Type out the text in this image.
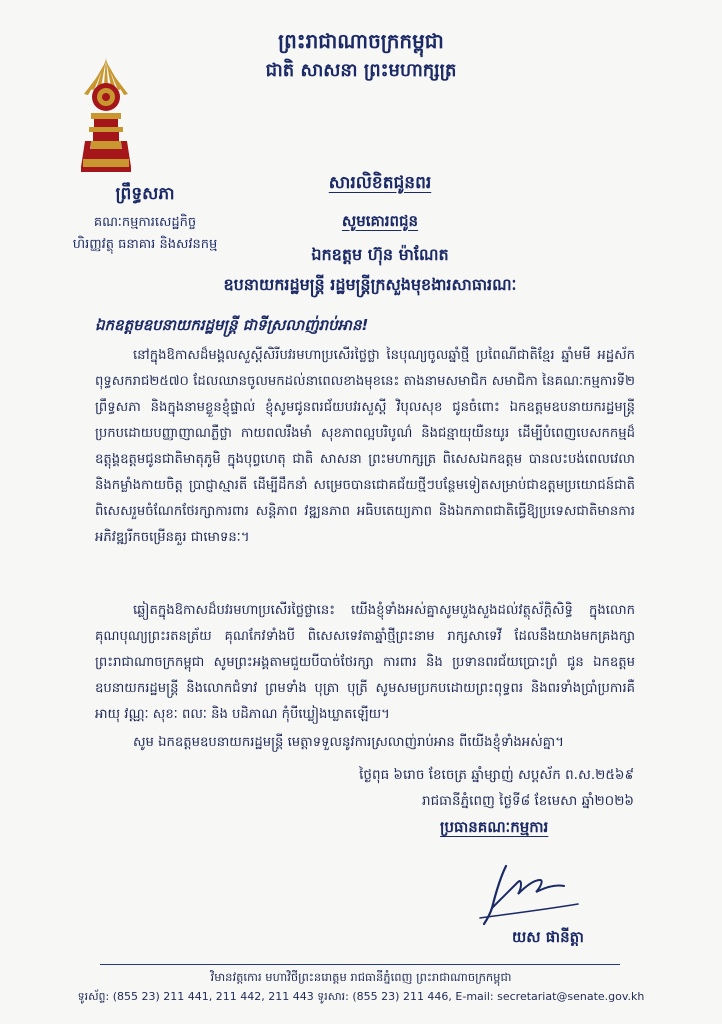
ព្រះរាជាណាចក្រកម្ពុជា
ជាតិ សាសនា ព្រះមហាក្សត្រ
ព្រឹទ្ធសភា
គណៈកម្មការសេដ្ឋកិច្ច
ហិរញ្ញវត្ថុ ធនាគារ និងសវនកម្ម
សារលិខិតជូនពរ
សូមគោរពជូន
ឯកឧត្តម ហ៊ុន ម៉ាណែត
ឧបនាយករដ្ឋមន្ត្រី រដ្ឋមន្ត្រីក្រសួងមុខងារសាធារណៈ
ឯកឧត្តមឧបនាយករដ្ឋមន្ត្រី ជាទីស្រលាញ់រាប់អាន!
នៅក្នុងឱកាសដ៏មង្គលសួស្តីសិរីបវរមហាប្រសើរថ្លៃថ្លា នៃបុណ្យចូលឆ្នាំថ្មី ប្រពៃណីជាតិខ្មែរ ឆ្នាំមមី អដ្ឋស័ក ពុទ្ធសករាជ២៥៧០ ដែលឈានចូលមកដល់នាពេលខាងមុខនេះ តាងនាមសមាជិក សមាជិកា នៃគណៈកម្មការទី២ ព្រឹទ្ធសភា និងក្នុងនាមខ្លួនខ្ញុំផ្ទាល់ ខ្ញុំសូមជូនពរជ័យបវរសួស្តី វិបុលសុខ ជូនចំពោះ ឯកឧត្តមឧបនាយករដ្ឋមន្ត្រី ប្រកបដោយបញ្ញាញាណភ្លឺថ្លា កាយពលរឹងមាំ សុខភាពល្អបរិបូណ៌ និងជន្មាយុយឺនយូរ ដើម្បីបំពេញបេសកកម្មដ៏ឧត្តុង្គឧត្តមជូនជាតិមាតុភូមិ ក្នុងបុព្វហេតុ ជាតិ សាសនា ព្រះមហាក្សត្រ ពិសេសឯកឧត្តម បានលះបង់ពេលវេលា និងកម្លាំងកាយចិត្ត ប្រាជ្ញាស្មារតី ដើម្បីដឹកនាំ សម្រេចបានជោគជ័យថ្មីៗបន្ថែមទៀតសម្រាប់ជាឧត្តមប្រយោជន៍ជាតិ ពិសេសរួមចំណែកថែរក្សាការពារ សន្តិភាព វឌ្ឍនភាព អធិបតេយ្យភាព និងឯកភាពជាតិធ្វើឱ្យប្រទេសជាតិមានការអភិវឌ្ឍរីកចម្រើនគួរ ជាមោទនៈ។
ឆ្លៀតក្នុងឱកាសដ៏បវរមហាប្រសើរថ្លៃថ្លានេះ យើងខ្ញុំទាំងអស់គ្នាសូមបួងសួងដល់វត្ថុស័ក្តិសិទ្ធិ ក្នុងលោក គុណបុណ្យព្រះរតនត្រ័យ គុណកែវទាំងបី ពិសេសទេវតាឆ្នាំថ្មីព្រះនាម រាក្សសាទេវី ដែលនឹងយាងមកគ្រងក្សាព្រះរាជាណាចក្រកម្ពុជា សូមព្រះអង្គតាមជួយបីបាច់ថែរក្សា ការពារ និង ប្រទានពរជ័យប្រោះព្រំ ជូន ឯកឧត្តមឧបនាយករដ្ឋមន្ត្រី និងលោកជំទាវ ព្រមទាំង បុត្រា បុត្រី សូមសមប្រកបដោយព្រះពុទ្ធពរ និងពរទាំងប្រាំប្រការគឺ អាយុ វណ្ណៈ សុខៈ ពលៈ និង បដិភាណ កុំបីឃ្លៀងឃ្លាតឡើយ។
សូម ឯកឧត្តមឧបនាយករដ្ឋមន្ត្រី មេត្តាទទួលនូវការស្រលាញ់រាប់អាន ពីយើងខ្ញុំទាំងអស់គ្នា។
ថ្ងៃពុធ ៦រោច ខែចេត្រ ឆ្នាំម្សាញ់ សប្តស័ក ព.ស.២៥៦៩
រាជធានីភ្នំពេញ ថ្ងៃទី៨ ខែមេសា ឆ្នាំ២០២៦
ប្រធានគណៈកម្មការ
យស ផានីត្តា
វិមានវត្តកោរ មហាវិថីព្រះនរោត្តម រាជធានីភ្នំពេញ ព្រះរាជាណាចក្រកម្ពុជា
ទូរស័ព្ទ: (855 23) 211 441, 211 442, 211 443 ទូរសារ: (855 23) 211 446, E-mail: secretariat@senate.gov.kh
